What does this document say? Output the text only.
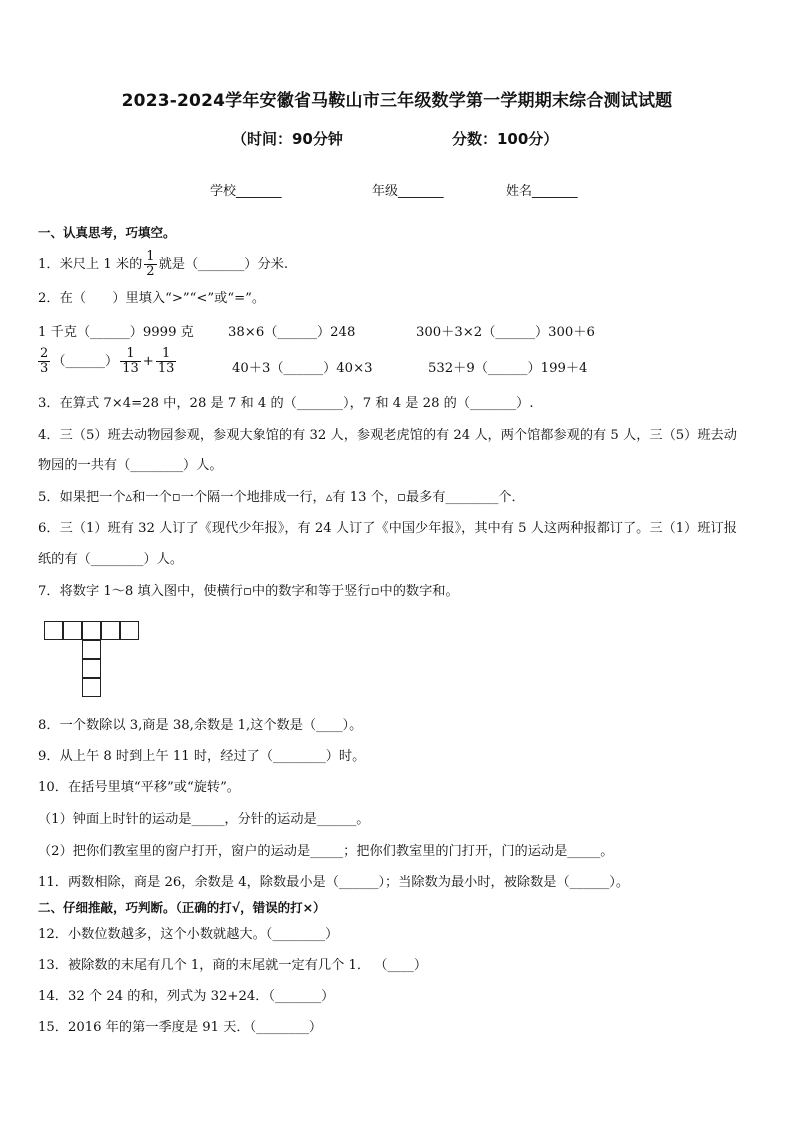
2023-2024学年安徽省马鞍山市三年级数学第一学期期末综合测试试题
（时间：90分钟	分数：100分）
学校_______	年级_______	姓名_______
一、认真思考，巧填空。
1．米尺上 1 米的 $\frac{1}{2}$ 就是（_______）分米.
2．在（　　）里填入“>”“<”或“=”。
1 千克（______）9999 克	38×6（______）248	300＋3×2（______）300＋6
$\frac{2}{3}$ （______） $\frac{1}{13} + \frac{1}{13}$	40＋3（______）40×3	532＋9（______）199＋4
3．在算式 7×4=28 中，28 是 7 和 4 的（_______），7 和 4 是 28 的（_______）.
4．三（5）班去动物园参观，参观大象馆的有 32 人，参观老虎馆的有 24 人，两个馆都参观的有 5 人，三（5）班去动
物园的一共有（________）人。
5．如果把一个▵和一个▫一个隔一个地排成一行，▵有 13 个，▫最多有________个．
6．三（1）班有 32 人订了《现代少年报》，有 24 人订了《中国少年报》，其中有 5 人这两种报都订了。三（1）班订报
纸的有（________）人。
7．将数字 1～8 填入图中，使横行▫中的数字和等于竖行▫中的数字和。
8．一个数除以 3,商是 38,余数是 1,这个数是（____）。
9．从上午 8 时到上午 11 时，经过了（________）时。
10．在括号里填“平移”或“旋转”。
（1）钟面上时针的运动是_____，分针的运动是______。
（2）把你们教室里的窗户打开，窗户的运动是_____；把你们教室里的门打开，门的运动是_____。
11．两数相除，商是 26，余数是 4，除数最小是（______）；当除数为最小时，被除数是（______）。
二、仔细推敲，巧判断。（正确的打√，错误的打×）
12．小数位数越多，这个小数就越大。（________）
13．被除数的末尾有几个 1，商的末尾就一定有几个 1． （____）
14．32 个 24 的和，列式为 32+24．（_______）
15．2016 年的第一季度是 91 天．（________）
